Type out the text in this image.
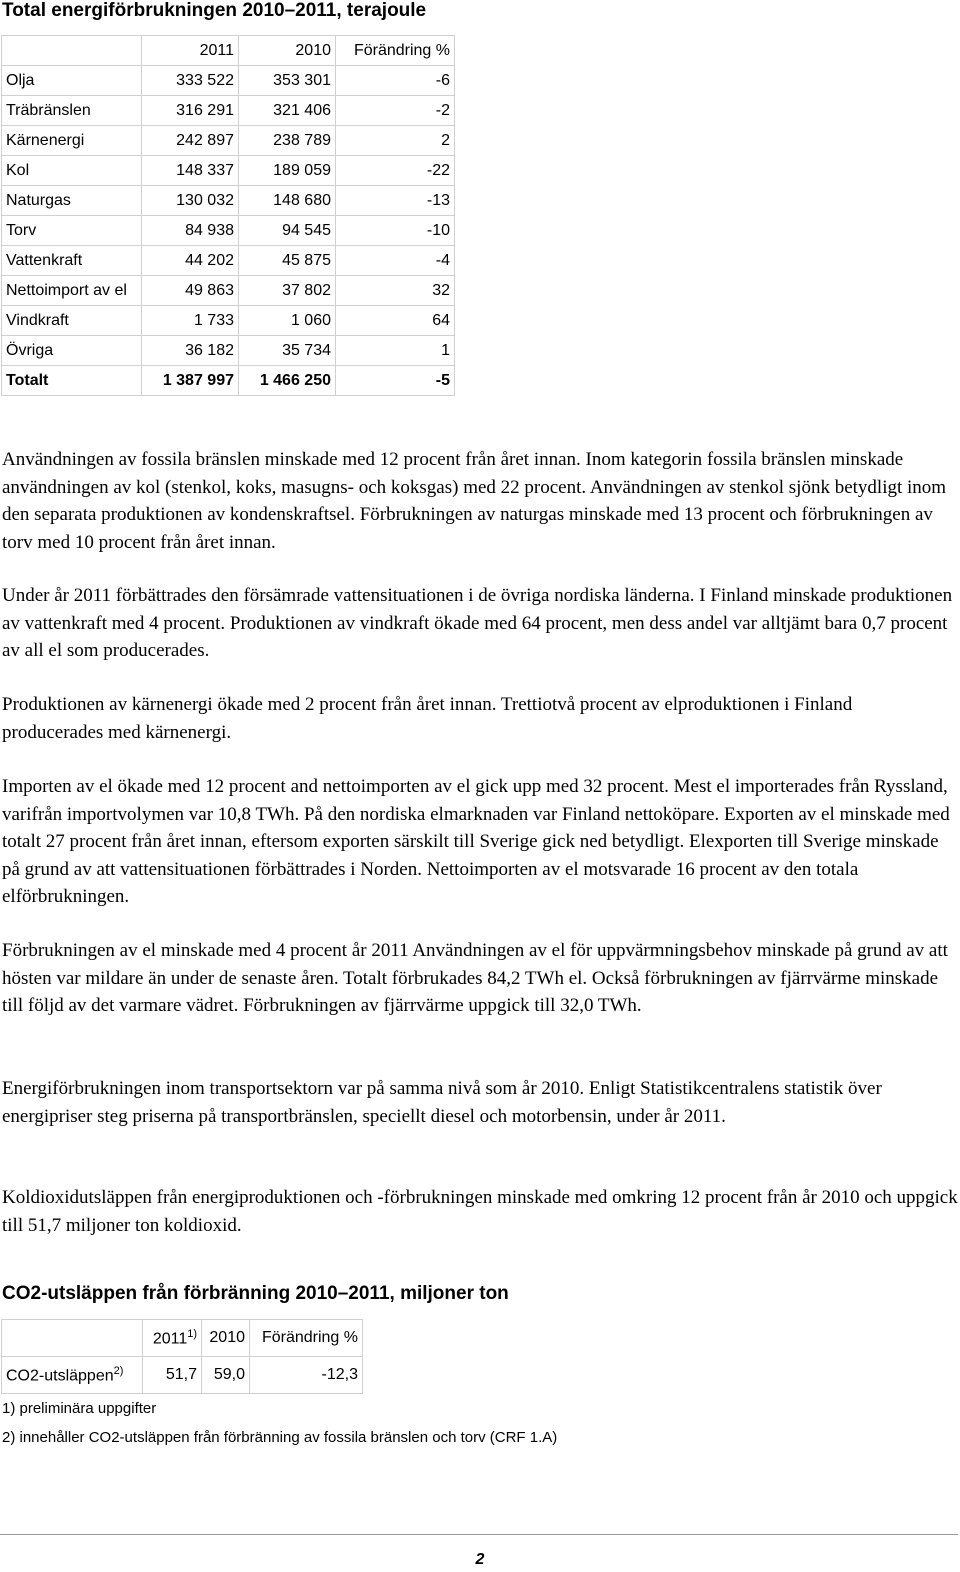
Total energiförbrukningen 2010–2011, terajoule
	2011	2010	Förändring %
Olja	333 522	353 301	-6
Träbränslen	316 291	321 406	-2
Kärnenergi	242 897	238 789	2
Kol	148 337	189 059	-22
Naturgas	130 032	148 680	-13
Torv	84 938	94 545	-10
Vattenkraft	44 202	45 875	-4
Nettoimport av el	49 863	37 802	32
Vindkraft	1 733	1 060	64
Övriga	36 182	35 734	1
Totalt	1 387 997	1 466 250	-5

Användningen av fossila bränslen minskade med 12 procent från året innan. Inom kategorin fossila bränslen minskade användningen av kol (stenkol, koks, masugns- och koksgas) med 22 procent. Användningen av stenkol sjönk betydligt inom den separata produktionen av kondenskraftsel. Förbrukningen av naturgas minskade med 13 procent och förbrukningen av torv med 10 procent från året innan.

Under år 2011 förbättrades den försämrade vattensituationen i de övriga nordiska länderna. I Finland minskade produktionen av vattenkraft med 4 procent. Produktionen av vindkraft ökade med 64 procent, men dess andel var alltjämt bara 0,7 procent av all el som producerades.

Produktionen av kärnenergi ökade med 2 procent från året innan. Trettiotvå procent av elproduktionen i Finland producerades med kärnenergi.

Importen av el ökade med 12 procent and nettoimporten av el gick upp med 32 procent. Mest el importerades från Ryssland, varifrån importvolymen var 10,8 TWh. På den nordiska elmarknaden var Finland nettoköpare. Exporten av el minskade med totalt 27 procent från året innan, eftersom exporten särskilt till Sverige gick ned betydligt. Elexporten till Sverige minskade på grund av att vattensituationen förbättrades i Norden. Nettoimporten av el motsvarade 16 procent av den totala elförbrukningen.

Förbrukningen av el minskade med 4 procent år 2011 Användningen av el för uppvärmningsbehov minskade på grund av att hösten var mildare än under de senaste åren. Totalt förbrukades 84,2 TWh el. Också förbrukningen av fjärrvärme minskade till följd av det varmare vädret. Förbrukningen av fjärrvärme uppgick till 32,0 TWh.

Energiförbrukningen inom transportsektorn var på samma nivå som år 2010. Enligt Statistikcentralens statistik över energipriser steg priserna på transportbränslen, speciellt diesel och motorbensin, under år 2011.

Koldioxidutsläppen från energiproduktionen och -förbrukningen minskade med omkring 12 procent från år 2010 och uppgick till 51,7 miljoner ton koldioxid.

CO2-utsläppen från förbränning 2010–2011, miljoner ton
	2011$^{1)}$	2010	Förändring %
CO2-utsläppen$^{2)}$	51,7	59,0	-12,3

1) preliminära uppgifter

2) innehåller CO2-utsläppen från förbränning av fossila bränslen och torv (CRF 1.A)

2
